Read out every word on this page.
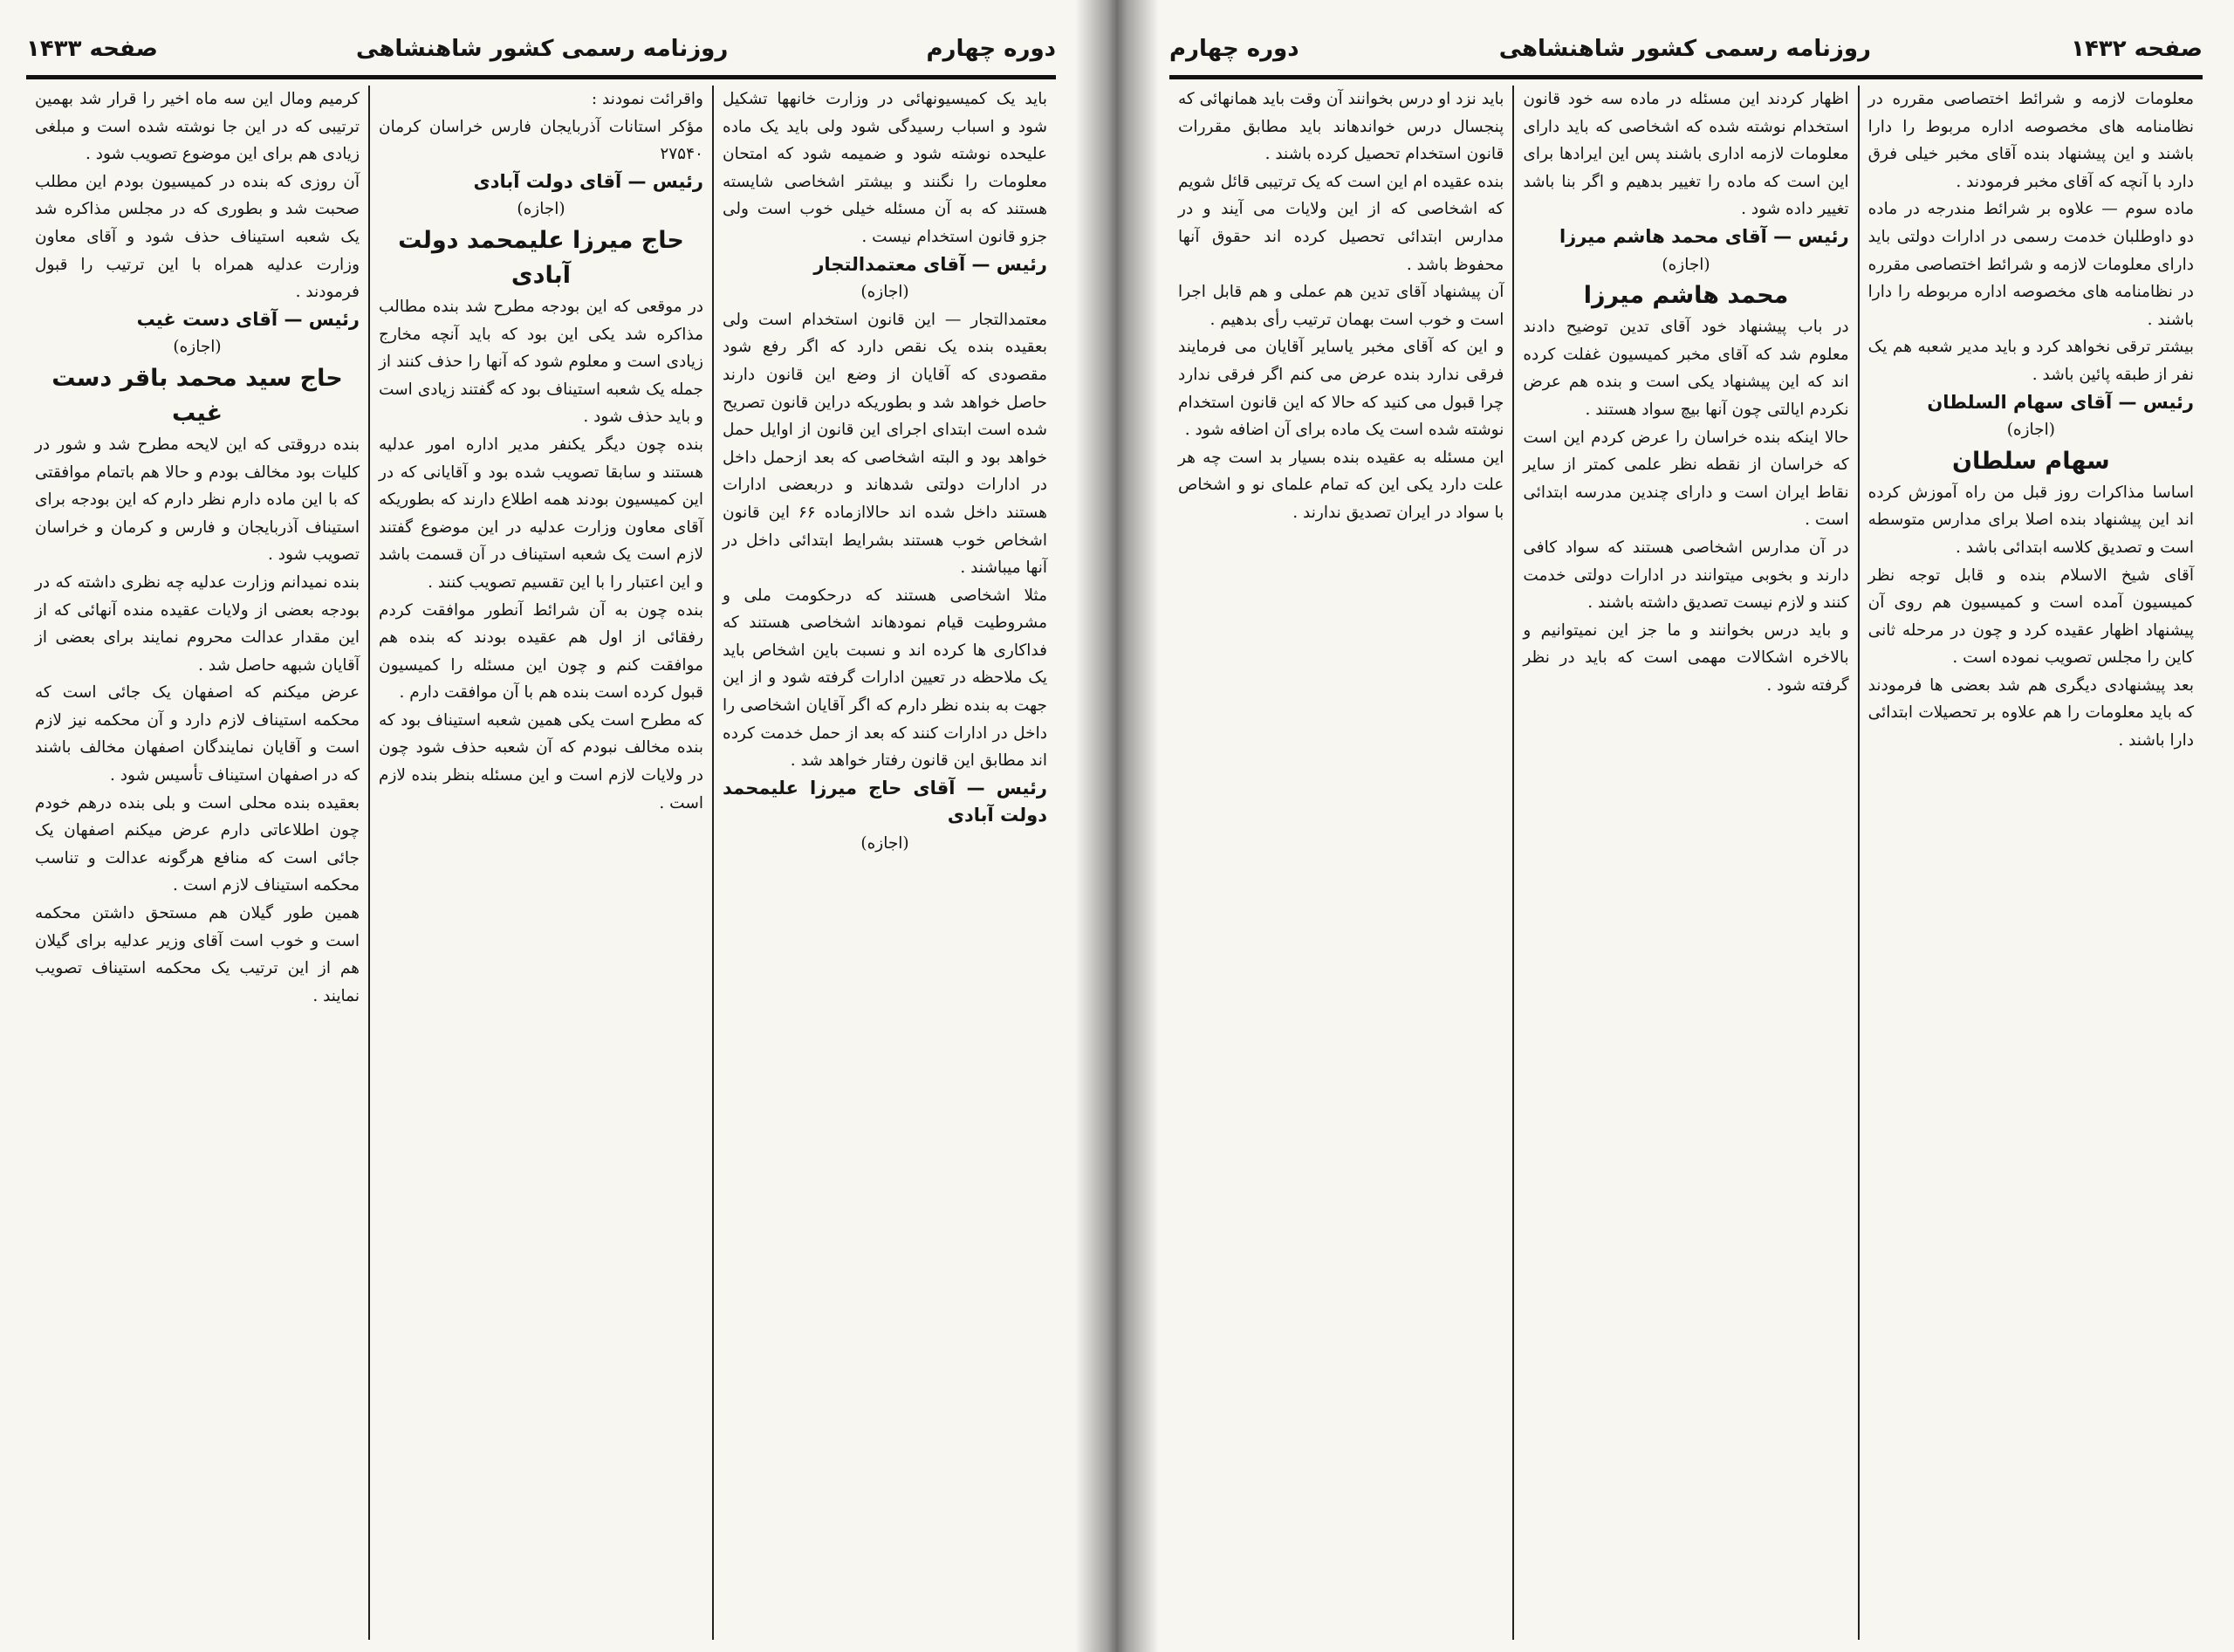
دوره چهارم
روزنامه رسمی کشور شاهنشاهی
صفحه ۱۴۳۳

باید یک کمیسیونهائی در وزارت خانهها تشکیل شود و اسباب رسیدگی شود ولی باید یک ماده علیحده نوشته شود و ضمیمه شود که امتحان معلومات را نگنند و بیشتر اشخاصی شایسته هستند که به آن مسئله خیلی خوب است ولی جزو قانون استخدام نیست .

رئیس — آقای معتمدالتجار

(اجازه)

معتمدالتجار — این قانون استخدام است ولی بعقیده بنده یک نقص دارد که اگر رفع شود مقصودی که آقایان از وضع این قانون دارند حاصل خواهد شد و بطوریکه دراین قانون تصریح شده است ابتدای اجرای این قانون از اوایل حمل خواهد بود و البته اشخاصی که بعد ازحمل داخل در ادارات دولتی شدهاند و دربعضی ادارات هستند داخل شده اند حالاازماده ۶۶ این قانون اشخاص خوب هستند بشرایط ابتدائی داخل در آنها میباشند .

مثلا اشخاصی هستند که درحکومت ملی و مشروطیت قیام نمودهاند اشخاصی هستند که فداکاری ها کرده اند و نسبت باین اشخاص باید یک ملاحظه در تعیین ادارات گرفته شود و از این جهت به بنده نظر دارم که اگر آقایان اشخاصی را داخل در ادارات کنند که بعد از حمل خدمت کرده اند مطابق این قانون رفتار خواهد شد .

رئیس — آقای حاج میرزا علیمحمد دولت آبادی

(اجازه)

واقرائت نمودند :

مؤکر استانات آذربایجان فارس خراسان کرمان ۲۷۵۴۰

رئیس — آقای دولت آبادی

(اجازه)

حاج میرزا علیمحمد دولت آبادی

در موقعی که این بودجه مطرح شد بنده مطالب مذاکره شد یکی این بود که باید آنچه مخارج زیادی است و معلوم شود که آنها را حذف کنند از جمله یک شعبه استیناف بود که گفتند زیادی است و باید حذف شود .

بنده چون دیگر یکنفر مدیر اداره امور عدلیه هستند و سابقا تصویب شده بود و آقایانی که در این کمیسیون بودند همه اطلاع دارند که بطوریکه آقای معاون وزارت عدلیه در این موضوع گفتند لازم است یک شعبه استیناف در آن قسمت باشد و این اعتبار را با این تقسیم تصویب کنند .

بنده چون به آن شرائط آنطور موافقت کردم رفقائی از اول هم عقیده بودند که بنده هم موافقت کنم و چون این مسئله را کمیسیون قبول کرده است بنده هم با آن موافقت دارم .

که مطرح است یکی همین شعبه استیناف بود که بنده مخالف نبودم که آن شعبه حذف شود چون در ولایات لازم است و این مسئله بنظر بنده لازم است .

کرمیم ومال این سه ماه اخیر را قرار شد بهمین ترتیبی که در این جا نوشته شده است و مبلغی زیادی هم برای این موضوع تصویب شود .

آن روزی که بنده در کمیسیون بودم این مطلب صحبت شد و بطوری که در مجلس مذاکره شد یک شعبه استیناف حذف شود و آقای معاون وزارت عدلیه همراه با این ترتیب را قبول فرمودند .

رئیس — آقای دست غیب

(اجازه)

حاج سید محمد باقر دست غیب

بنده دروقتی که این لایحه مطرح شد و شور در کلیات بود مخالف بودم و حالا هم باتمام موافقتی که با این ماده دارم نظر دارم که این بودجه برای استیناف آذربایجان و فارس و کرمان و خراسان تصویب شود .

بنده نمیدانم وزارت عدلیه چه نظری داشته که در بودجه بعضی از ولایات عقیده منده آنهائی که از این مقدار عدالت محروم نمایند برای بعضی از آقایان شبهه حاصل شد .

عرض میکنم که اصفهان یک جائی است که محکمه استیناف لازم دارد و آن محکمه نیز لازم است و آقایان نمایندگان اصفهان مخالف باشند که در اصفهان استیناف تأسیس شود .

بعقیده بنده محلی است و بلی بنده درهم خودم چون اطلاعاتی دارم عرض میکنم اصفهان یک جائی است که منافع هرگونه عدالت و تناسب محکمه استیناف لازم است .

همین طور گیلان هم مستحق داشتن محکمه است و خوب است آقای وزیر عدلیه برای گیلان هم از این ترتیب یک محکمه استیناف تصویب نمایند .

صفحه ۱۴۳۲
روزنامه رسمی کشور شاهنشاهی
دوره چهارم

معلومات لازمه و شرائط اختصاصی مقرره در نظامنامه های مخصوصه اداره مربوط را دارا باشند و این پیشنهاد بنده آقای مخبر خیلی فرق دارد با آنچه که آقای مخبر فرمودند .

ماده سوم — علاوه بر شرائط مندرجه در ماده دو داوطلبان خدمت رسمی در ادارات دولتی باید دارای معلومات لازمه و شرائط اختصاصی مقرره در نظامنامه های مخصوصه اداره مربوطه را دارا باشند .

بیشتر ترقی نخواهد کرد و باید مدیر شعبه هم یک نفر از طبقه پائین باشد .

رئیس — آقای سهام السلطان

(اجازه)

سهام سلطان

اساسا مذاکرات روز قبل من راه آموزش کرده اند این پیشنهاد بنده اصلا برای مدارس متوسطه است و تصدیق کلاسه ابتدائی باشد .

آقای شیخ الاسلام بنده و قابل توجه نظر کمیسیون آمده است و کمیسیون هم روی آن پیشنهاد اظهار عقیده کرد و چون در مرحله ثانی کاین را مجلس تصویب نموده است .

بعد پیشنهادی دیگری هم شد بعضی ها فرمودند که باید معلومات را هم علاوه بر تحصیلات ابتدائی دارا باشند .

اظهار کردند این مسئله در ماده سه خود قانون استخدام نوشته شده که اشخاصی که باید دارای معلومات لازمه اداری باشند پس این ایرادها برای این است که ماده را تغییر بدهیم و اگر بنا باشد تغییر داده شود .

رئیس — آقای محمد هاشم میرزا

(اجازه)

محمد هاشم میرزا

در باب پیشنهاد خود آقای تدین توضیح دادند معلوم شد که آقای مخبر کمیسیون غفلت کرده اند که این پیشنهاد یکی است و بنده هم عرض نکردم ایالتی چون آنها بیچ سواد هستند .

حالا اینکه بنده خراسان را عرض کردم این است که خراسان از نقطه نظر علمی کمتر از سایر نقاط ایران است و دارای چندین مدرسه ابتدائی است .

در آن مدارس اشخاصی هستند که سواد کافی دارند و بخوبی میتوانند در ادارات دولتی خدمت کنند و لازم نیست تصدیق داشته باشند .

و باید درس بخوانند و ما جز این نمیتوانیم و بالاخره اشکالات مهمی است که باید در نظر گرفته شود .

باید نزد او درس بخوانند آن وقت باید همانهائی که پنجسال درس خواندهاند باید مطابق مقررات قانون استخدام تحصیل کرده باشند .

بنده عقیده ام این است که یک ترتیبی قائل شویم که اشخاصی که از این ولایات می آیند و در مدارس ابتدائی تحصیل کرده اند حقوق آنها محفوظ باشد .

آن پیشنهاد آقای تدین هم عملی و هم قابل اجرا است و خوب است بهمان ترتیب رأی بدهیم .

و این که آقای مخبر یاسایر آقایان می فرمایند فرقی ندارد بنده عرض می کنم اگر فرقی ندارد چرا قبول می کنید که حالا که این قانون استخدام نوشته شده است یک ماده برای آن اضافه شود .

این مسئله به عقیده بنده بسیار بد است چه هر علت دارد یکی این که تمام علمای نو و اشخاص با سواد در ایران تصدیق ندارند .
